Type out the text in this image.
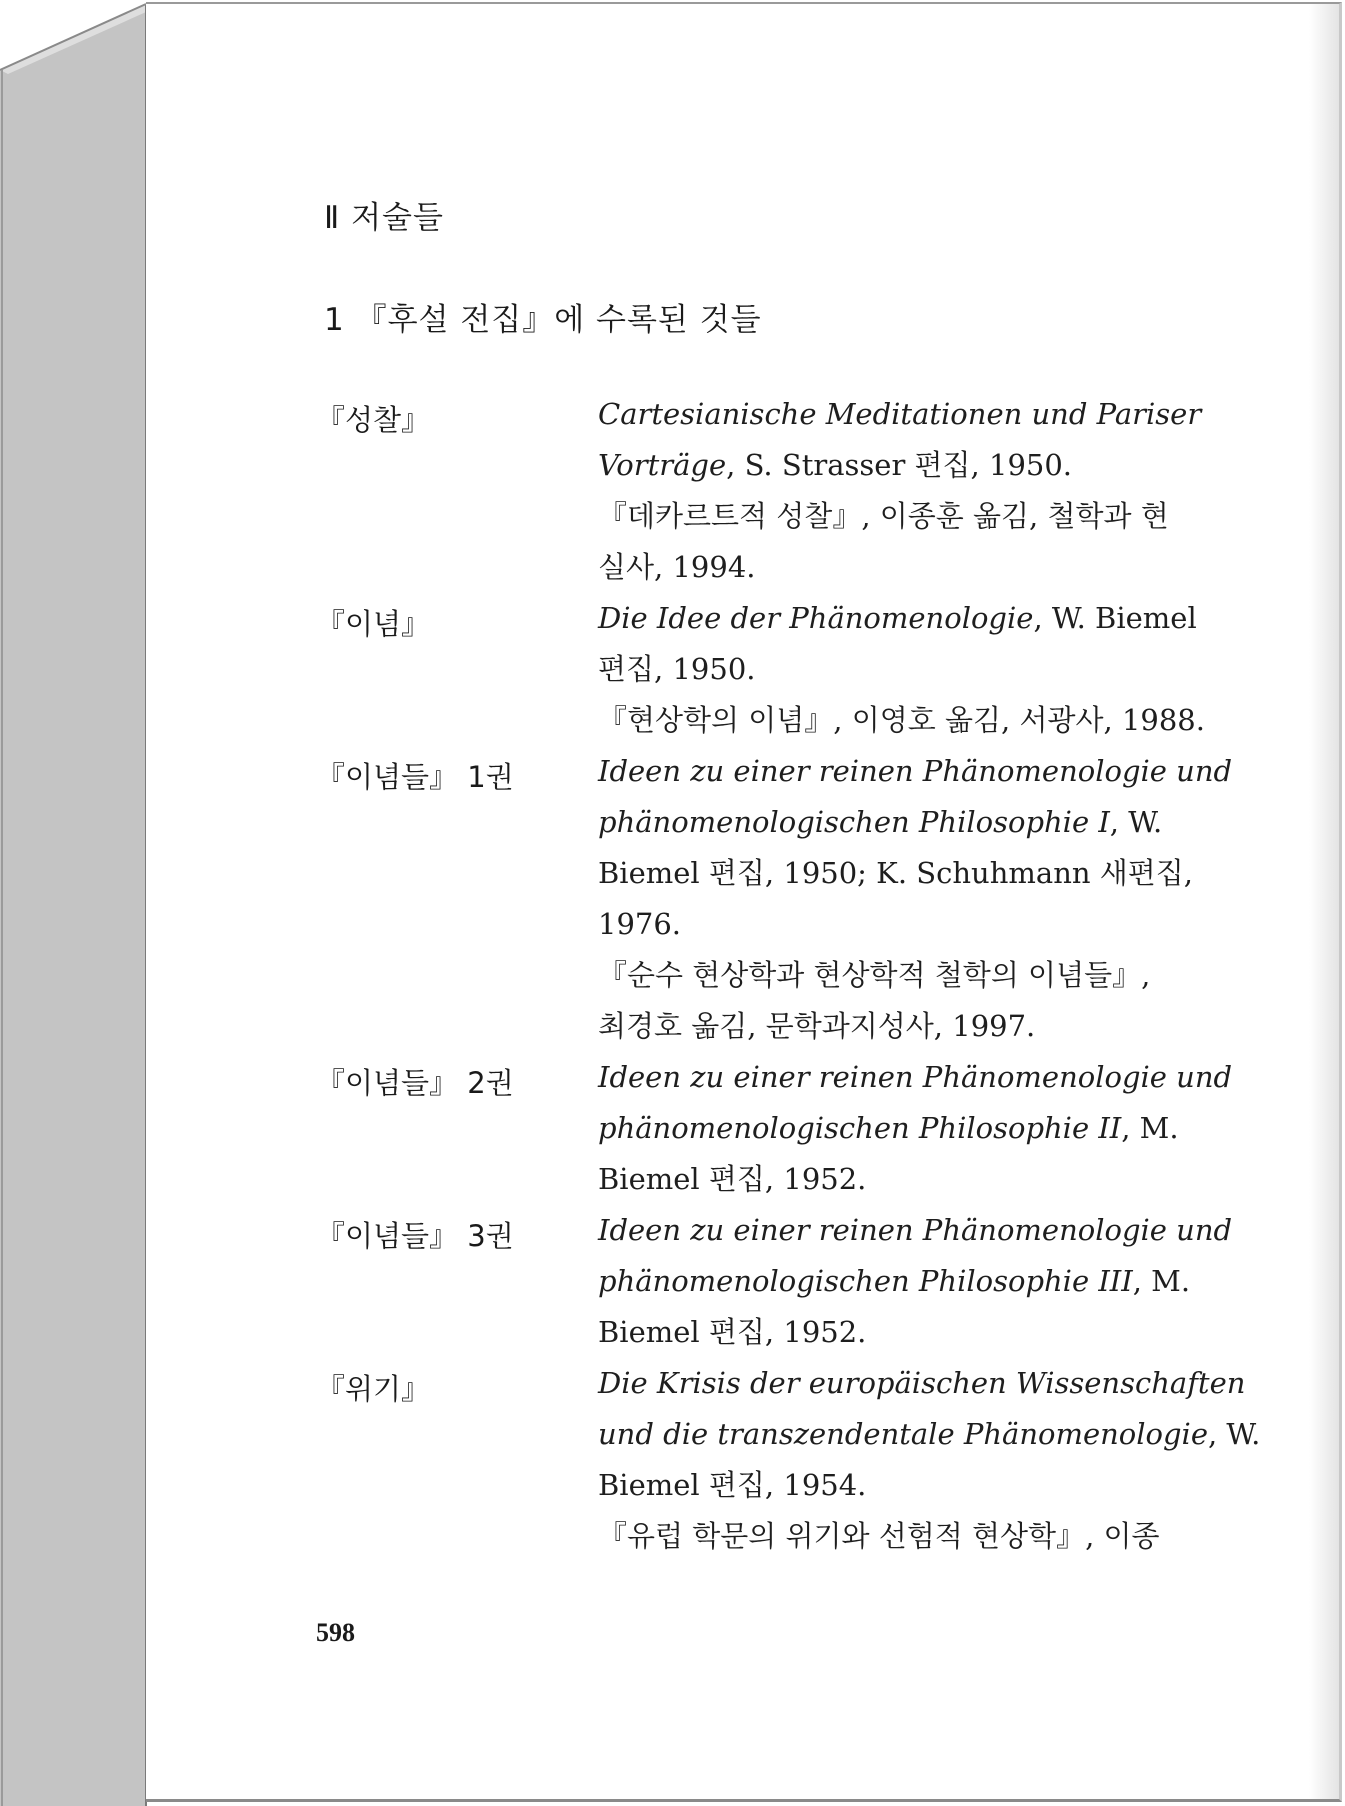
Ⅱ 저술들
1 『후설 전집』에 수록된 것들
『성찰』	Cartesianische Meditationen und Pariser
Vorträge, S. Strasser 편집, 1950.
『데카르트적 성찰』, 이종훈 옮김, 철학과 현
실사, 1994.
『이념』	Die Idee der Phänomenologie, W. Biemel
편집, 1950.
『현상학의 이념』, 이영호 옮김, 서광사, 1988.
『이념들』 1권	Ideen zu einer reinen Phänomenologie und
phänomenologischen Philosophie I, W.
Biemel 편집, 1950; K. Schuhmann 새편집,
1976.
『순수 현상학과 현상학적 철학의 이념들』,
최경호 옮김, 문학과지성사, 1997.
『이념들』 2권	Ideen zu einer reinen Phänomenologie und
phänomenologischen Philosophie II, M.
Biemel 편집, 1952.
『이념들』 3권	Ideen zu einer reinen Phänomenologie und
phänomenologischen Philosophie III, M.
Biemel 편집, 1952.
『위기』	Die Krisis der europäischen Wissenschaften
und die transzendentale Phänomenologie, W.
Biemel 편집, 1954.
『유럽 학문의 위기와 선험적 현상학』, 이종
598
